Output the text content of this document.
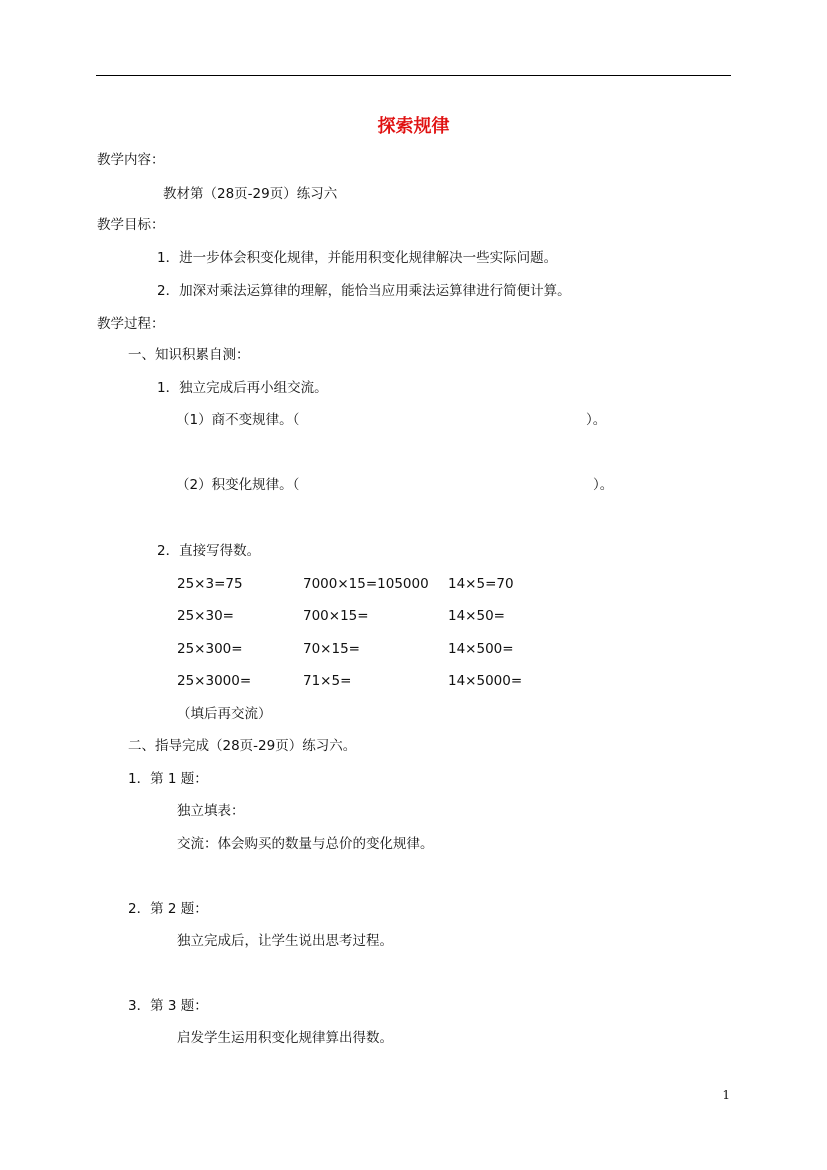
探索规律
教学内容：
教材第（28页-29页）练习六
教学目标：
1．进一步体会积变化规律，并能用积变化规律解决一些实际问题。
2．加深对乘法运算律的理解，能恰当应用乘法运算律进行简便计算。
教学过程：
一、知识积累自测：
1．独立完成后再小组交流。
（1）商不变规律。（	）。
（2）积变化规律。（	）。
2．直接写得数。
25×3=75	7000×15=105000 14×5=70
25×30=	700×15=	14×50=
25×300=	70×15=	14×500=
25×3000=	71×5=	14×5000=
（填后再交流）
二、指导完成（28页-29页）练习六。
1．第 1 题：
独立填表：
交流：体会购买的数量与总价的变化规律。
2．第 2 题：
独立完成后，让学生说出思考过程。
3．第 3 题：
启发学生运用积变化规律算出得数。
1
